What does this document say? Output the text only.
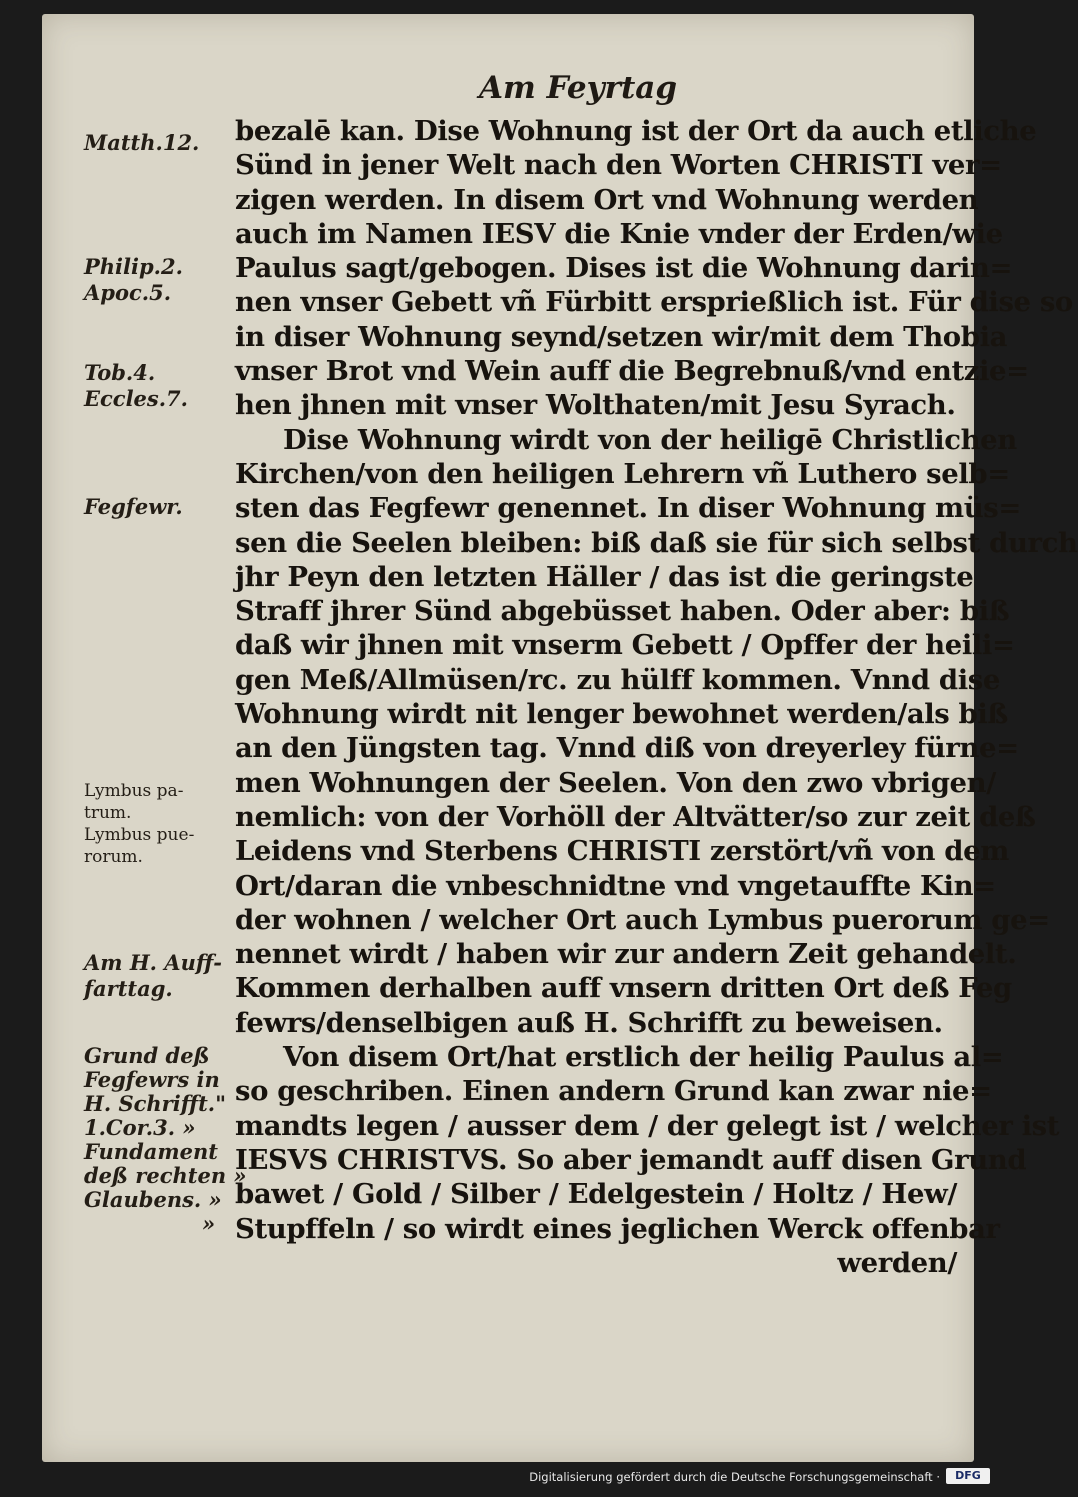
Am Feyrtag
Matth.12.
Philip.2.
Apoc.5.
Tob.4.
Eccles.7.
Fegfewr.
Lymbus pa-
trum.
Lymbus pue-
rorum.
Am H. Auff-
farttag.
Grund deß
Fegfewrs in
H. Schrifft."
1.Cor.3. »
Fundament
deß rechten »
Glaubens. »
»
bezalē kan. Dise Wohnung ist der Ort da auch etliche
Sünd in jener Welt nach den Worten CHRISTI ver=
zigen werden. In disem Ort vnd Wohnung werden
auch im Namen IESV die Knie vnder der Erden/wie
Paulus sagt/gebogen. Dises ist die Wohnung darin=
nen vnser Gebett vñ Fürbitt ersprießlich ist. Für dise so
in diser Wohnung seynd/setzen wir/mit dem Thobia
vnser Brot vnd Wein auff die Begrebnuß/vnd entzie=
hen jhnen mit vnser Wolthaten/mit Jesu Syrach.
Dise Wohnung wirdt von der heiligē Christlichen
Kirchen/von den heiligen Lehrern vñ Luthero selb=
sten das Fegfewr genennet. In diser Wohnung müs=
sen die Seelen bleiben: biß daß sie für sich selbst durch
jhr Peyn den letzten Häller / das ist die geringste
Straff jhrer Sünd abgebüsset haben. Oder aber: biß
daß wir jhnen mit vnserm Gebett / Opffer der heili=
gen Meß/Allmüsen/rc. zu hülff kommen. Vnnd dise
Wohnung wirdt nit lenger bewohnet werden/als biß
an den Jüngsten tag. Vnnd diß von dreyerley fürne=
men Wohnungen der Seelen. Von den zwo vbrigen/
nemlich: von der Vorhöll der Altvätter/so zur zeit deß
Leidens vnd Sterbens CHRISTI zerstört/vñ von dem
Ort/daran die vnbeschnidtne vnd vngetauffte Kin=
der wohnen / welcher Ort auch Lymbus puerorum ge=
nennet wirdt / haben wir zur andern Zeit gehandelt.
Kommen derhalben auff vnsern dritten Ort deß Feg
fewrs/denselbigen auß H. Schrifft zu beweisen.
Von disem Ort/hat erstlich der heilig Paulus al=
so geschriben. Einen andern Grund kan zwar nie=
mandts legen / ausser dem / der gelegt ist / welcher ist
IESVS CHRISTVS. So aber jemandt auff disen Grund
bawet / Gold / Silber / Edelgestein / Holtz / Hew/
Stupffeln / so wirdt eines jeglichen Werck offenbar
werden/
Digitalisierung gefördert durch die Deutsche Forschungsgemeinschaft ·	DFG
